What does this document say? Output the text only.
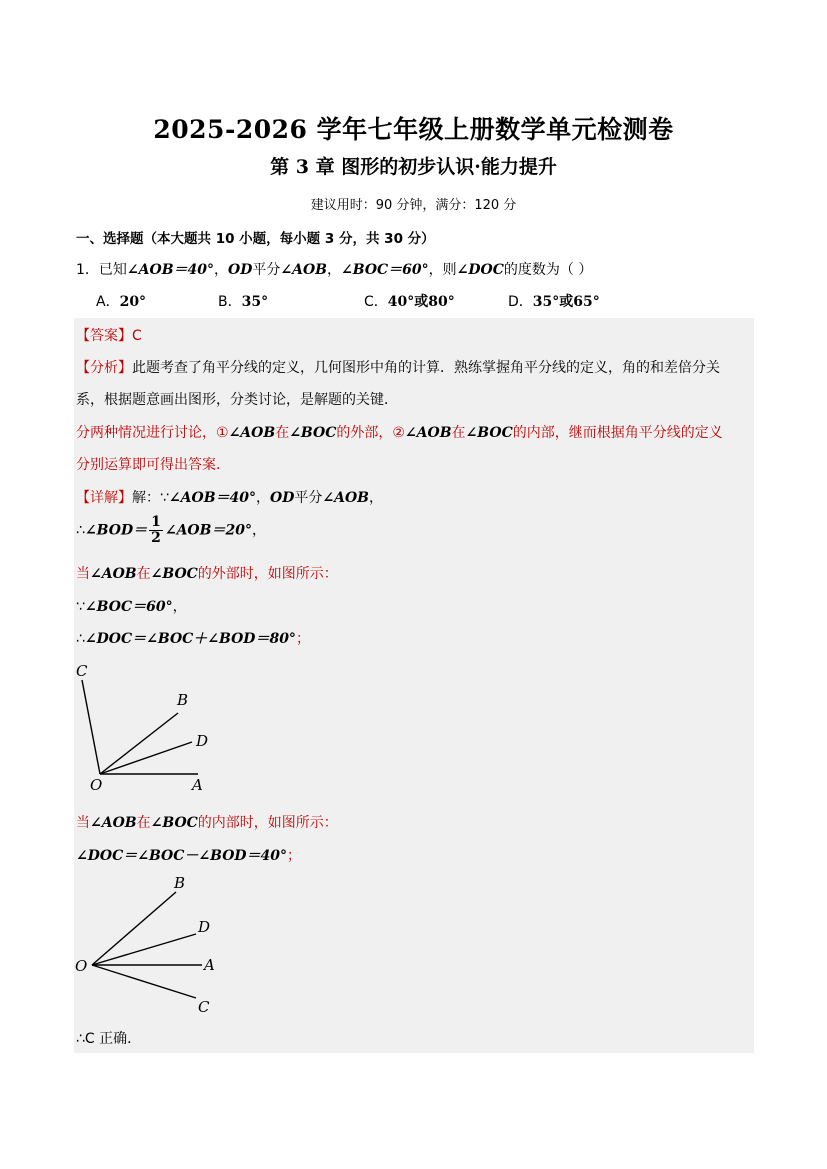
2025-2026 学年七年级上册数学单元检测卷
第 3 章 图形的初步认识·能力提升
建议用时：90 分钟，满分：120 分
一、选择题（本大题共 10 小题，每小题 3 分，共 30 分）
1．已知∠AOB＝40°，OD平分∠AOB，∠BOC＝60°，则∠DOC的度数为（ ）
A．20°	B．35°	C．40°或80°	D．35°或65°
【答案】C
【分析】此题考查了角平分线的定义，几何图形中角的计算．熟练掌握角平分线的定义，角的和差倍分关
系，根据题意画出图形，分类讨论，是解题的关键．
分两种情况进行讨论，①∠AOB在∠BOC的外部，②∠AOB在∠BOC的内部，继而根据角平分线的定义
分别运算即可得出答案．
【详解】解：∵∠AOB＝40°，OD平分∠AOB，
∴∠BOD＝ $\frac{1}{2}$ ∠AOB＝20°，
当∠AOB在∠BOC的外部时，如图所示：
∵∠BOC＝60°，
∴∠DOC＝∠BOC＋∠BOD＝80°；
C
B
D
O	A
当∠AOB在∠BOC的内部时，如图所示：
∠DOC＝∠BOC－∠BOD＝40°；
B
D
O	A
C
∴C 正确．
